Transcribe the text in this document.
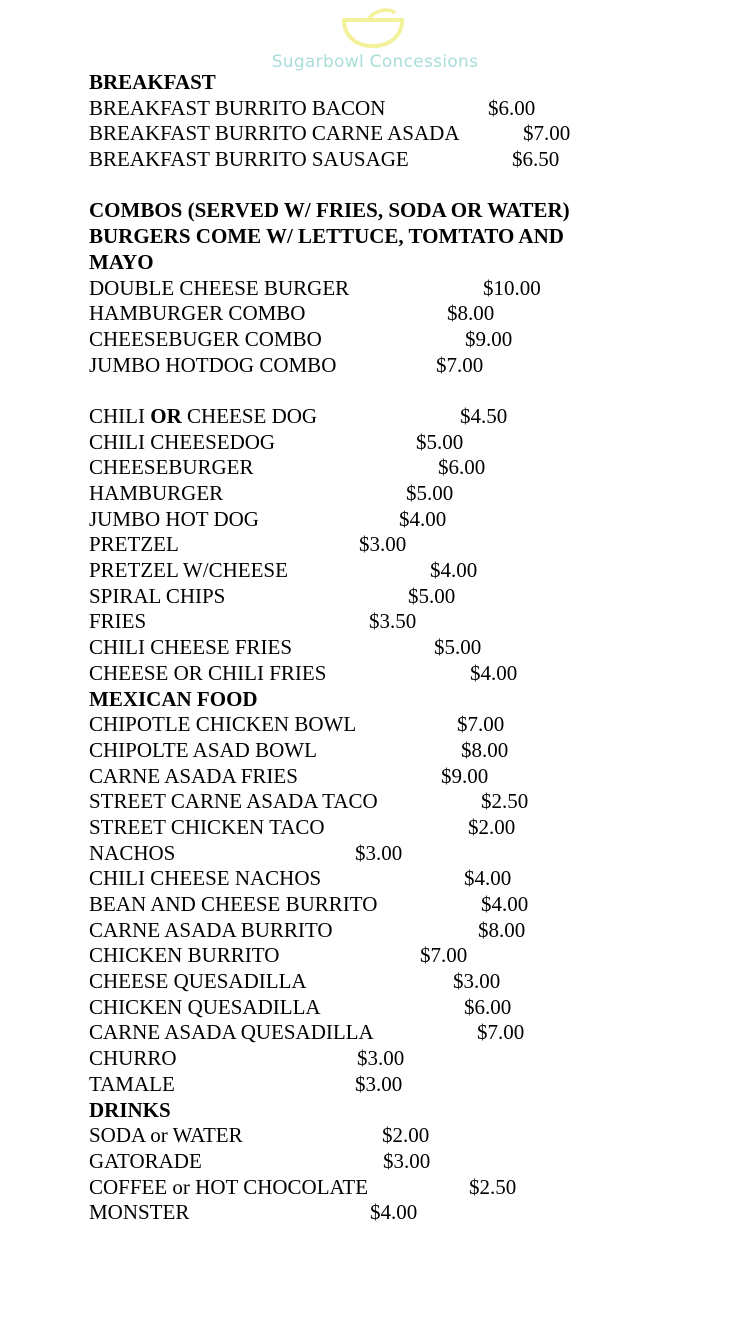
Sugarbowl Concessions
BREAKFAST
BREAKFAST BURRITO BACON	$6.00
BREAKFAST BURRITO CARNE ASADA	$7.00
BREAKFAST BURRITO SAUSAGE	$6.50
COMBOS (SERVED W/ FRIES, SODA OR WATER)
BURGERS COME W/ LETTUCE, TOMTATO AND
MAYO
DOUBLE CHEESE BURGER	$10.00
HAMBURGER COMBO	$8.00
CHEESEBUGER COMBO	$9.00
JUMBO HOTDOG COMBO	$7.00
CHILI OR CHEESE DOG	$4.50
CHILI CHEESEDOG	$5.00
CHEESEBURGER	$6.00
HAMBURGER	$5.00
JUMBO HOT DOG	$4.00
PRETZEL	$3.00
PRETZEL W/CHEESE	$4.00
SPIRAL CHIPS	$5.00
FRIES	$3.50
CHILI CHEESE FRIES	$5.00
CHEESE OR CHILI FRIES	$4.00
MEXICAN FOOD
CHIPOTLE CHICKEN BOWL	$7.00
CHIPOLTE ASAD BOWL	$8.00
CARNE ASADA FRIES	$9.00
STREET CARNE ASADA TACO	$2.50
STREET CHICKEN TACO	$2.00
NACHOS	$3.00
CHILI CHEESE NACHOS	$4.00
BEAN AND CHEESE BURRITO	$4.00
CARNE ASADA BURRITO	$8.00
CHICKEN BURRITO	$7.00
CHEESE QUESADILLA	$3.00
CHICKEN QUESADILLA	$6.00
CARNE ASADA QUESADILLA	$7.00
CHURRO	$3.00
TAMALE	$3.00
DRINKS
SODA or WATER	$2.00
GATORADE	$3.00
COFFEE or HOT CHOCOLATE	$2.50
MONSTER	$4.00
